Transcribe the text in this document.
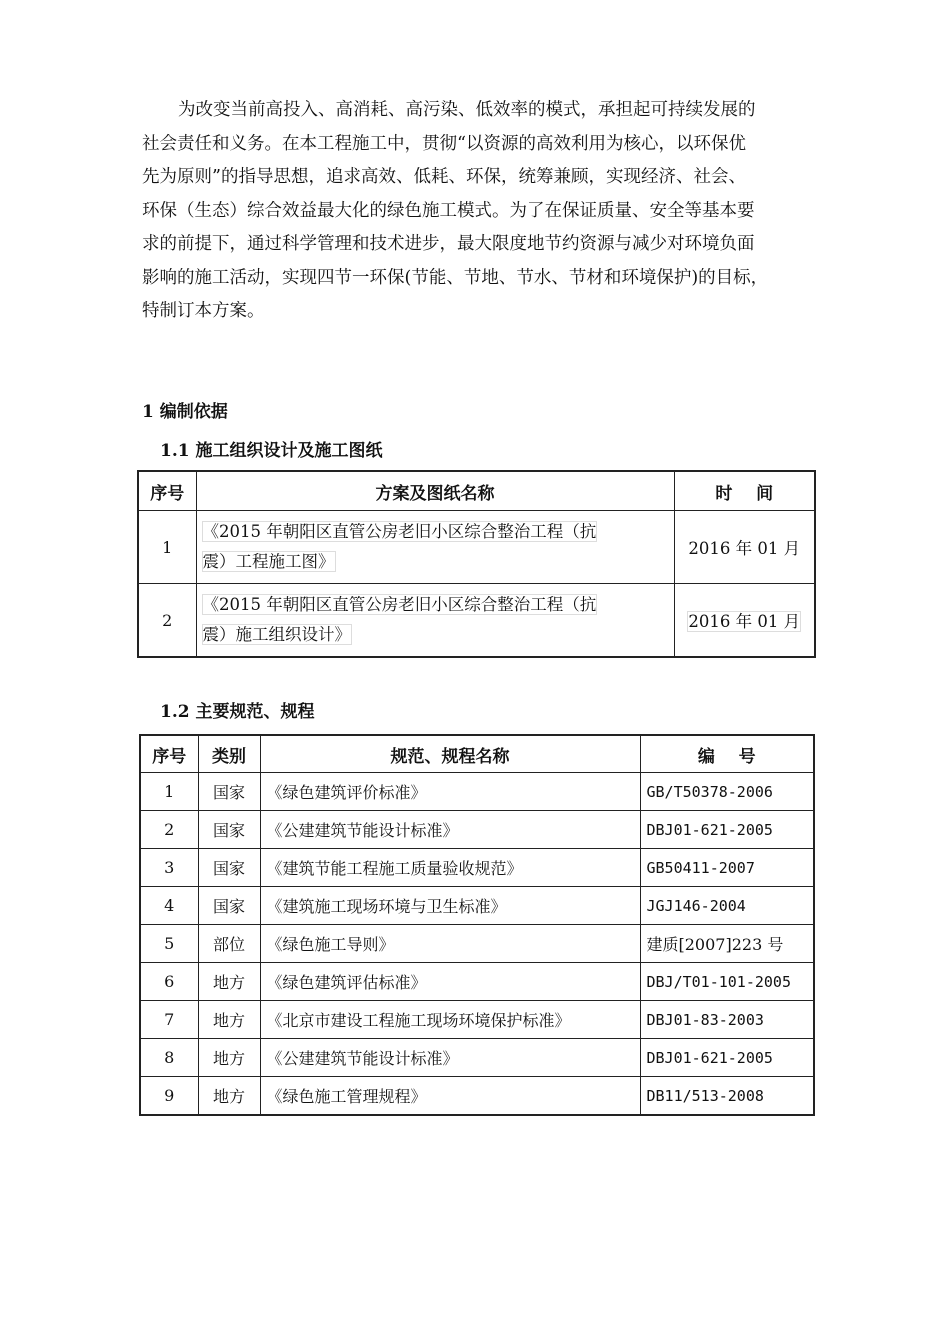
为改变当前高投入、高消耗、高污染、低效率的模式，承担起可持续发展的
社会责任和义务。在本工程施工中，贯彻“以资源的高效利用为核心，以环保优
先为原则”的指导思想，追求高效、低耗、环保，统筹兼顾，实现经济、社会、
环保（生态）综合效益最大化的绿色施工模式。为了在保证质量、安全等基本要
求的前提下，通过科学管理和技术进步，最大限度地节约资源与减少对环境负面
影响的施工活动，实现四节一环保(节能、节地、节水、节材和环境保护)的目标，
特制订本方案。

1 编制依据
1.1 施工组织设计及施工图纸
序号	方案及图纸名称	时    间
1	《2015 年朝阳区直管公房老旧小区综合整治工程（抗
震）工程施工图》	2016 年 01 月
2	《2015 年朝阳区直管公房老旧小区综合整治工程（抗
震）施工组织设计》	2016 年 01 月
1.2 主要规范、规程
序号	类别	规范、规程名称	编    号
1	国家	《绿色建筑评价标准》	GB/T50378-2006
2	国家	《公建建筑节能设计标准》	DBJ01-621-2005
3	国家	《建筑节能工程施工质量验收规范》	GB50411-2007
4	国家	《建筑施工现场环境与卫生标准》	JGJ146-2004
5	部位	《绿色施工导则》	建质[2007]223 号
6	地方	《绿色建筑评估标准》	DBJ/T01-101-2005
7	地方	《北京市建设工程施工现场环境保护标准》	DBJ01-83-2003
8	地方	《公建建筑节能设计标准》	DBJ01-621-2005
9	地方	《绿色施工管理规程》	DB11/513-2008
